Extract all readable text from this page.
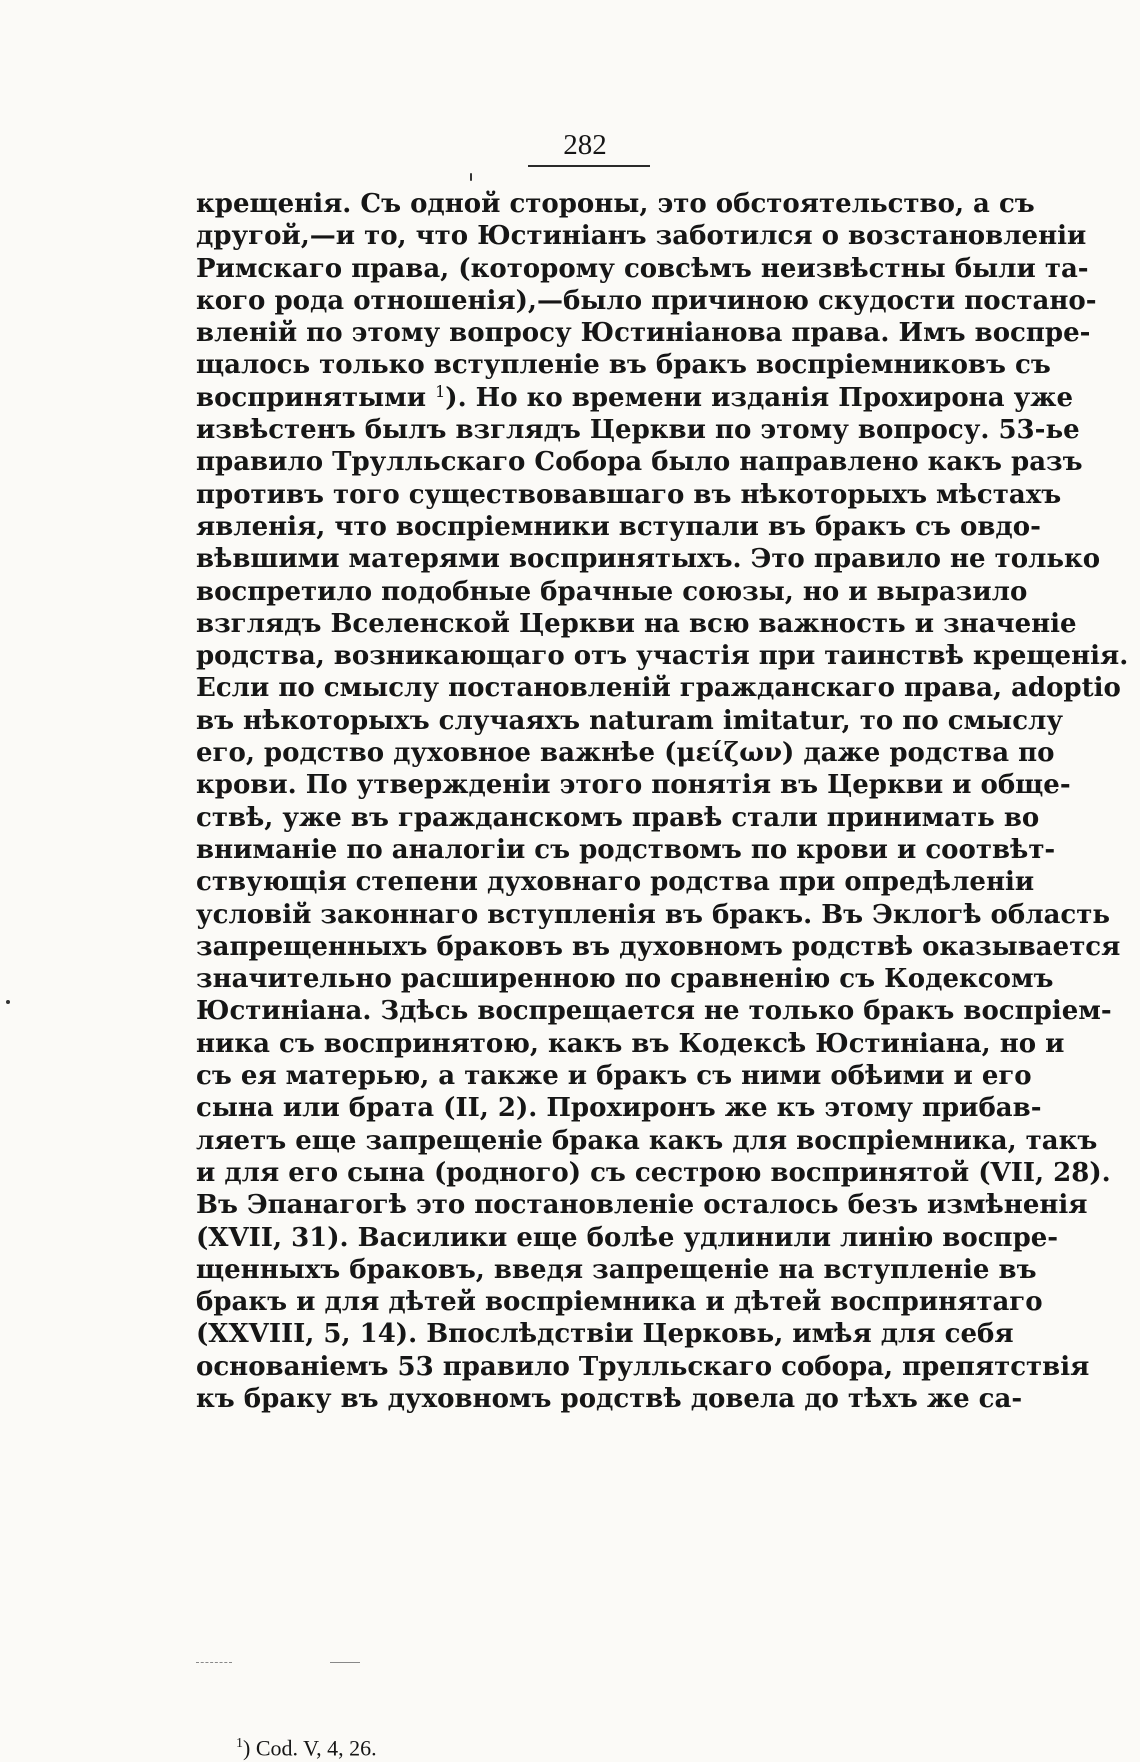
282
крещенія. Съ одной стороны, это обстоятельство, а съ
другой,—и то, что Юстиніанъ заботился о возстановленіи
Римскаго права, (которому совсѣмъ неизвѣстны были та-
кого рода отношенія),—было причиною скудости постано-
вленій по этому вопросу Юстиніанова права. Имъ воспре-
щалось только вступленіе въ бракъ воспріемниковъ съ
воспринятыми $^1$). Но ко времени изданія Прохирона уже
извѣстенъ былъ взглядъ Церкви по этому вопросу. 53-ье
правило Трулльскаго Собора было направлено какъ разъ
противъ того существовавшаго въ нѣкоторыхъ мѣстахъ
явленія, что воспріемники вступали въ бракъ съ овдо-
вѣвшими матерями воспринятыхъ. Это правило не только
воспретило подобные брачные союзы, но и выразило
взглядъ Вселенской Церкви на всю важность и значеніе
родства, возникающаго отъ участія при таинствѣ крещенія.
Если по смыслу постановленій гражданскаго права, adoptio
въ нѣкоторыхъ случаяхъ naturam imitatur, то по смыслу
его, родство духовное важнѣе (μείζων) даже родства по
крови. По утвержденіи этого понятія въ Церкви и обще-
ствѣ, уже въ гражданскомъ правѣ стали принимать во
вниманіе по аналогіи съ родствомъ по крови и соотвѣт-
ствующія степени духовнаго родства при опредѣленіи
условій законнаго вступленія въ бракъ. Въ Эклогѣ область
запрещенныхъ браковъ въ духовномъ родствѣ оказывается
значительно расширенною по сравненію съ Кодексомъ
Юстиніана. Здѣсь воспрещается не только бракъ воспріем-
ника съ воспринятою, какъ въ Кодексѣ Юстиніана, но и
съ ея матерью, а также и бракъ съ ними обѣими и его
сына или брата (II, 2). Прохиронъ же къ этому прибав-
ляетъ еще запрещеніе брака какъ для воспріемника, такъ
и для его сына (родного) съ сестрою воспринятой (VII, 28).
Въ Эпанагогѣ это постановленіе осталось безъ измѣненія
(XVII, 31). Василики еще болѣе удлинили линію воспре-
щенныхъ браковъ, введя запрещеніе на вступленіе въ
бракъ и для дѣтей воспріемника и дѣтей воспринятаго
(XXVIII, 5, 14). Впослѣдствіи Церковь, имѣя для себя
основаніемъ 53 правило Трулльскаго собора, препятствія
къ браку въ духовномъ родствѣ довела до тѣхъ же са-
$^1$) Cod. V, 4, 26.
